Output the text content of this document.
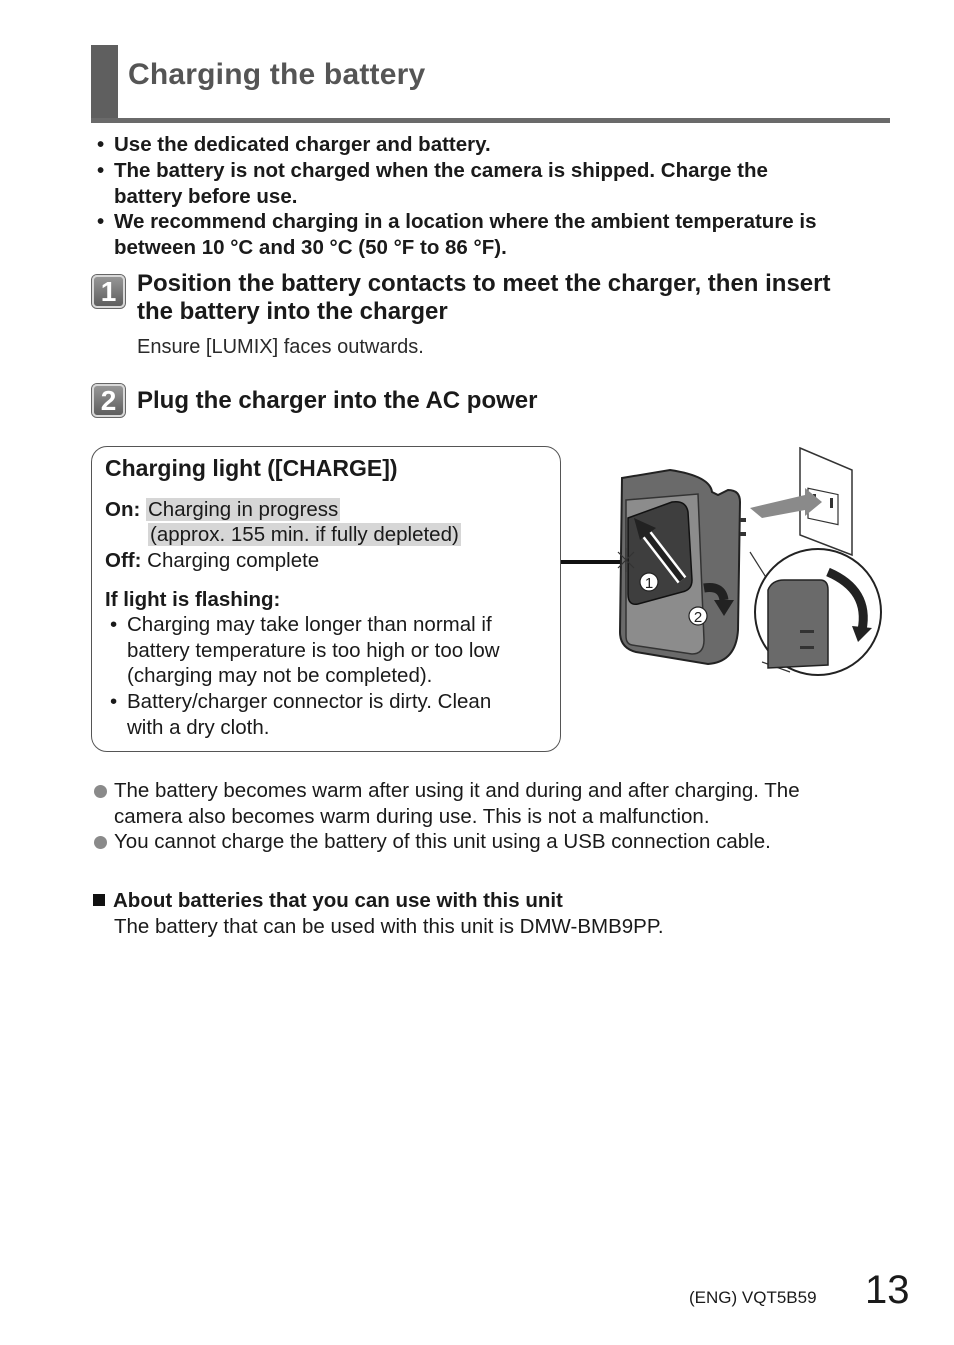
Charging the battery
• Use the dedicated charger and battery.
• The battery is not charged when the camera is shipped. Charge the
battery before use.
• We recommend charging in a location where the ambient temperature is
between 10 °C and 30 °C (50 °F to 86 °F).
1 Position the battery contacts to meet the charger, then insert
the battery into the charger
Ensure [LUMIX] faces outwards.
2 Plug the charger into the AC power
Charging light ([CHARGE])
On: Charging in progress
(approx. 155 min. if fully depleted)
Off: Charging complete
If light is flashing:
• Charging may take longer than normal if
battery temperature is too high or too low
(charging may not be completed).
• Battery/charger connector is dirty. Clean
with a dry cloth.
1
2
The battery becomes warm after using it and during and after charging. The
camera also becomes warm during use. This is not a malfunction.
You cannot charge the battery of this unit using a USB connection cable.
About batteries that you can use with this unit
The battery that can be used with this unit is DMW-BMB9PP.
(ENG) VQT5B59 13
